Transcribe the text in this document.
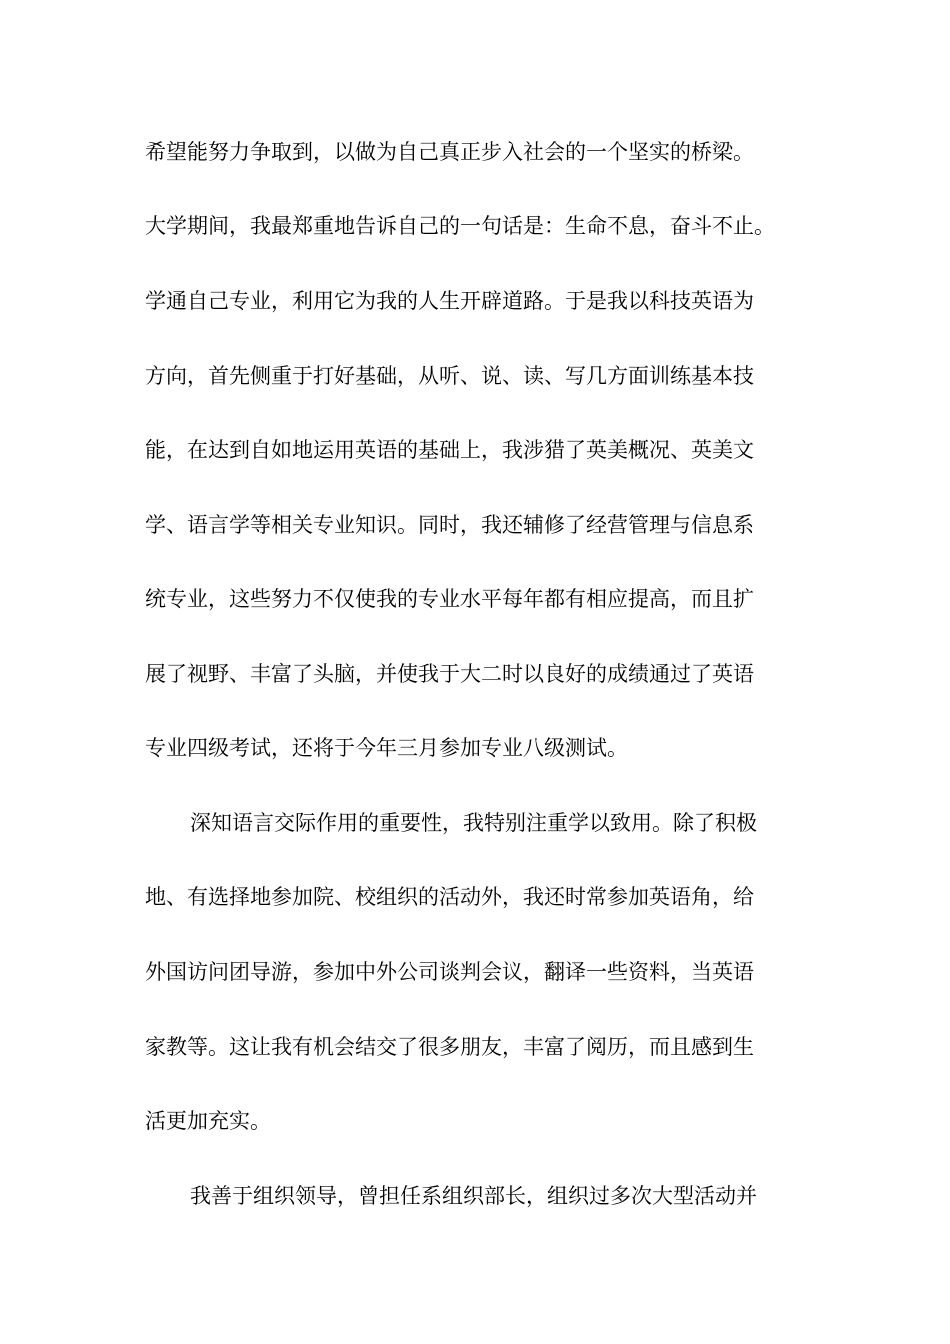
希望能努力争取到，以做为自己真正步入社会的一个坚实的桥梁。
大学期间，我最郑重地告诉自己的一句话是：生命不息，奋斗不止。
学通自己专业，利用它为我的人生开辟道路。于是我以科技英语为
方向，首先侧重于打好基础，从听、说、读、写几方面训练基本技
能，在达到自如地运用英语的基础上，我涉猎了英美概况、英美文
学、语言学等相关专业知识。同时，我还辅修了经营管理与信息系
统专业，这些努力不仅使我的专业水平每年都有相应提高，而且扩
展了视野、丰富了头脑，并使我于大二时以良好的成绩通过了英语
专业四级考试，还将于今年三月参加专业八级测试。
深知语言交际作用的重要性，我特别注重学以致用。除了积极
地、有选择地参加院、校组织的活动外，我还时常参加英语角，给
外国访问团导游，参加中外公司谈判会议，翻译一些资料，当英语
家教等。这让我有机会结交了很多朋友，丰富了阅历，而且感到生
活更加充实。
我善于组织领导，曾担任系组织部长，组织过多次大型活动并
